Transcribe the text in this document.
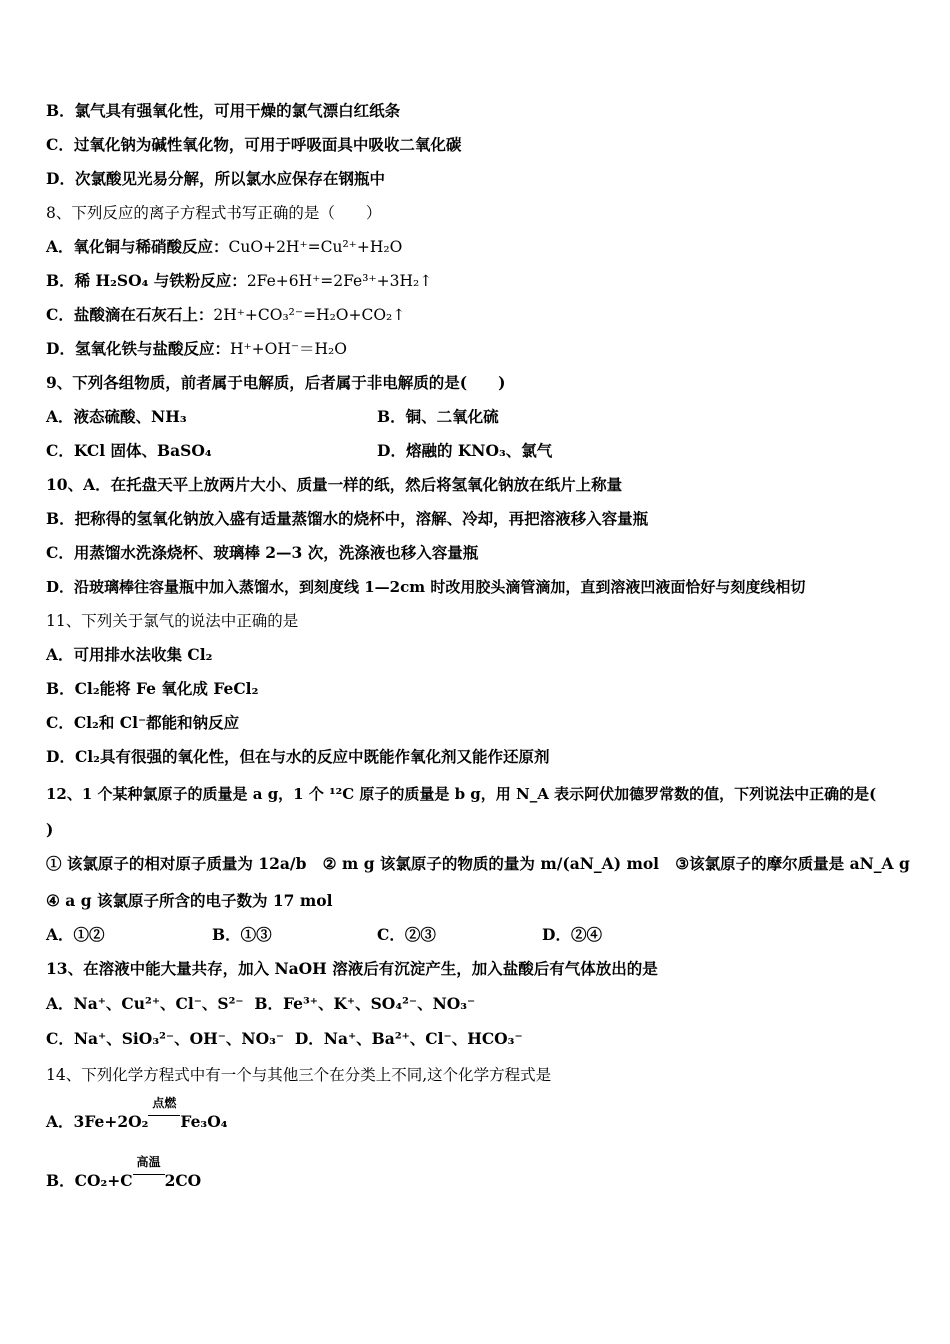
B．氯气具有强氧化性，可用干燥的氯气漂白红纸条
C．过氧化钠为碱性氧化物，可用于呼吸面具中吸收二氧化碳
D．次氯酸见光易分解，所以氯水应保存在钢瓶中
8、下列反应的离子方程式书写正确的是（　　）
A．氧化铜与稀硝酸反应：CuO+2H⁺=Cu²⁺+H₂O
B．稀 H₂SO₄ 与铁粉反应：2Fe+6H⁺=2Fe³⁺+3H₂↑
C．盐酸滴在石灰石上：2H⁺+CO₃²⁻=H₂O+CO₂↑
D．氢氧化铁与盐酸反应：H⁺+OH⁻＝H₂O
9、下列各组物质，前者属于电解质，后者属于非电解质的是(　　)
A．液态硫酸、NH₃	B．铜、二氧化硫
C．KCl 固体、BaSO₄	D．熔融的 KNO₃、氯气
10、A．在托盘天平上放两片大小、质量一样的纸，然后将氢氧化钠放在纸片上称量
B．把称得的氢氧化钠放入盛有适量蒸馏水的烧杯中，溶解、冷却，再把溶液移入容量瓶
C．用蒸馏水洗涤烧杯、玻璃棒 2—3 次，洗涤液也移入容量瓶
D．沿玻璃棒往容量瓶中加入蒸馏水，到刻度线 1—2cm 时改用胶头滴管滴加，直到溶液凹液面恰好与刻度线相切
11、下列关于氯气的说法中正确的是
A．可用排水法收集 Cl₂
B．Cl₂能将 Fe 氧化成 FeCl₂
C．Cl₂和 Cl⁻都能和钠反应
D．Cl₂具有很强的氧化性，但在与水的反应中既能作氧化剂又能作还原剂
12、1 个某种氯原子的质量是 a g，1 个 ¹²C 原子的质量是 b g，用 N_A 表示阿伏加德罗常数的值，下列说法中正确的是(
)
① 该氯原子的相对原子质量为 12a/b ② m g 该氯原子的物质的量为 m/(aN_A) mol ③该氯原子的摩尔质量是 aN_A g
④ a g 该氯原子所含的电子数为 17 mol
A．①②	B．①③	C．②③	D．②④
13、在溶液中能大量共存，加入 NaOH 溶液后有沉淀产生，加入盐酸后有气体放出的是
A．Na⁺、Cu²⁺、Cl⁻、S²⁻ B．Fe³⁺、K⁺、SO₄²⁻、NO₃⁻
C．Na⁺、SiO₃²⁻、OH⁻、NO₃⁻ D．Na⁺、Ba²⁺、Cl⁻、HCO₃⁻
14、下列化学方程式中有一个与其他三个在分类上不同,这个化学方程式是
A．3Fe+2O₂
点燃
Fe₃O₄
B．CO₂+C
高温
2CO
